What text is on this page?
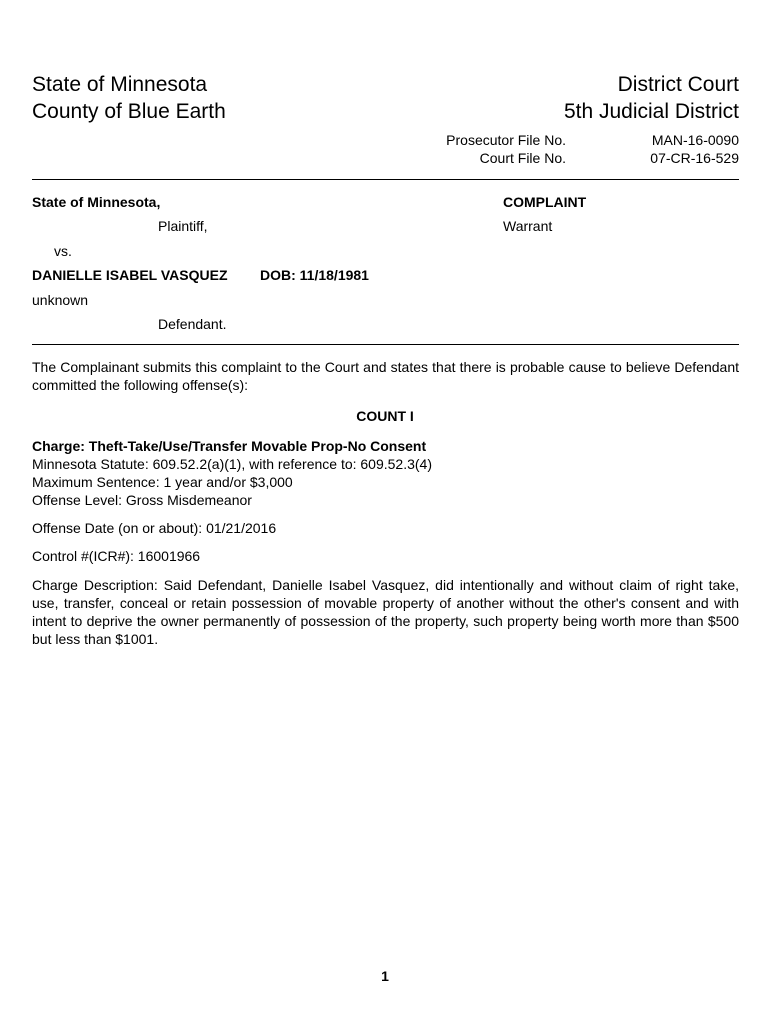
State of Minnesota
County of Blue Earth
District Court
5th Judicial District
Prosecutor File No.
Court File No.
MAN-16-0090
07-CR-16-529
State of Minnesota,
Plaintiff,
vs.
DANIELLE ISABEL VASQUEZ DOB: 11/18/1981
unknown
Defendant.
COMPLAINT
Warrant
The Complainant submits this complaint to the Court and states that there is probable cause to believe Defendant committed the following offense(s):
COUNT I
Charge: Theft-Take/Use/Transfer Movable Prop-No Consent
Minnesota Statute: 609.52.2(a)(1), with reference to: 609.52.3(4)
Maximum Sentence: 1 year and/or $3,000
Offense Level: Gross Misdemeanor
Offense Date (on or about): 01/21/2016
Control #(ICR#): 16001966
Charge Description: Said Defendant, Danielle Isabel Vasquez, did intentionally and without claim of right take, use, transfer, conceal or retain possession of movable property of another without the other's consent and with intent to deprive the owner permanently of possession of the property, such property being worth more than $500 but less than $1001.
1
